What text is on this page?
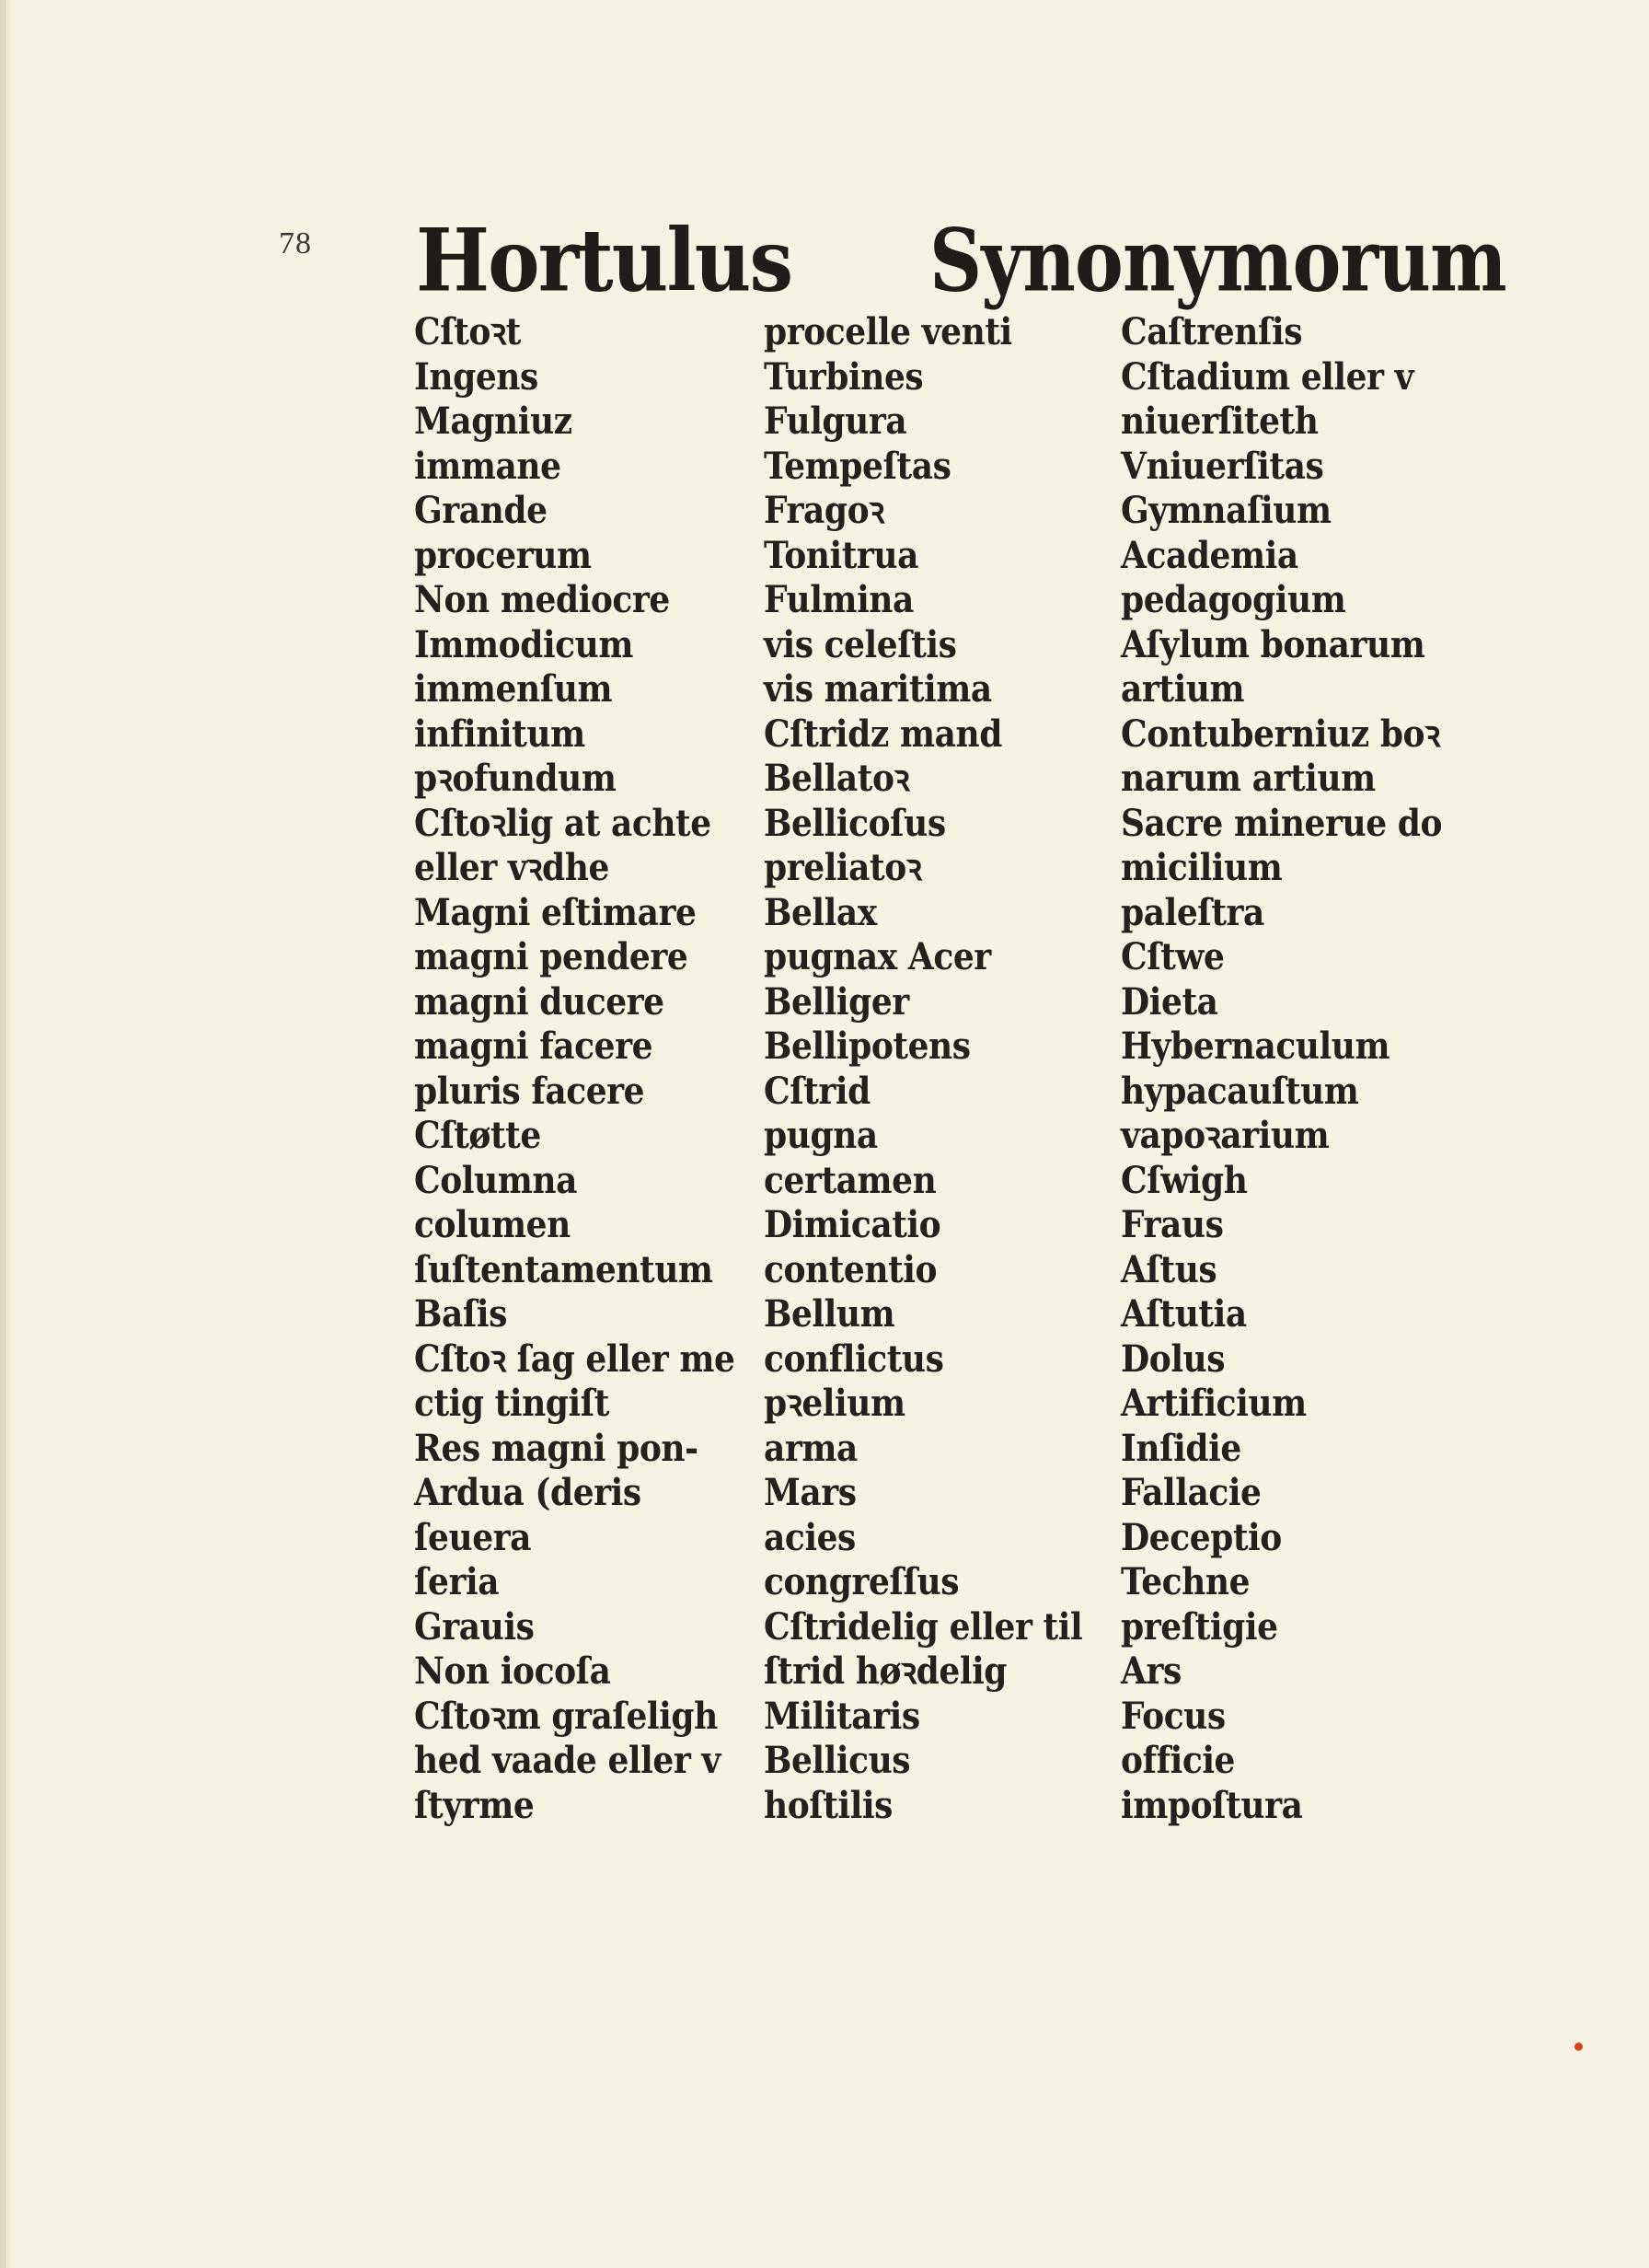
78 Hortulus Synonymorum
Cſtoꝛt
Ingens
Magniuz
immane
Grande
procerum
Non mediocre
Immodicum
immenſum
infinitum
pꝛofundum
Cſtoꝛlig at achte
eller vꝛdhe
Magni eſtimare
magni pendere
magni ducere
magni facere
pluris facere
Cſtøtte
Columna
columen
ſuſtentamentum
Baſis
Cſtoꝛ ſag eller me
ctig tingiſt
Res magni pon-
Ardua (deris
ſeuera
ſeria
Grauis
Non iocoſa
Cſtoꝛm graſeligh
hed vaade eller v
ſtyrme
procelle venti
Turbines
Fulgura
Tempeſtas
Fragoꝛ
Tonitrua
Fulmina
vis celeſtis
vis maritima
Cſtridz mand
Bellatoꝛ
Bellicoſus
preliatoꝛ
Bellax
pugnax Acer
Belliger
Bellipotens
Cſtrid
pugna
certamen
Dimicatio
contentio
Bellum
conflictus
pꝛelium
arma
Mars
acies
congreſſus
Cſtridelig eller til
ſtrid høꝛdelig
Militaris
Bellicus
hoſtilis
Caſtrenſis
Cſtadium eller v
niuerſiteth
Vniuerſitas
Gymnaſium
Academia
pedagogium
Aſylum bonarum
artium
Contuberniuz boꝛ
narum artium
Sacre minerue do
micilium
paleſtra
Cſtwe
Dieta
Hybernaculum
hypacauſtum
vapoꝛarium
Cſwigh
Fraus
Aſtus
Aſtutia
Dolus
Artificium
Inſidie
Fallacie
Deceptio
Techne
preſtigie
Ars
Focus
officie
impoſtura
